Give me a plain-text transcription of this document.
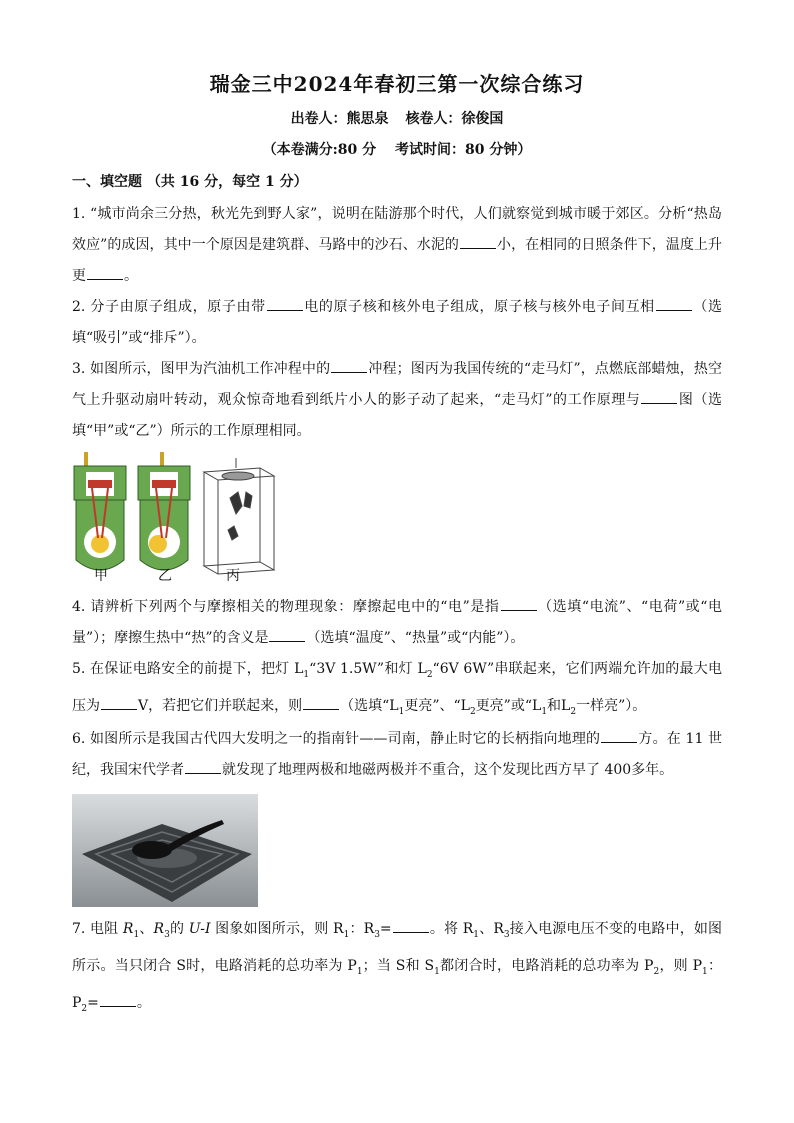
瑞金三中2024年春初三第一次综合练习
出卷人：熊思泉 核卷人：徐俊国
（本卷满分:80 分　 考试时间：80 分钟）
一、填空题 （共 16 分，每空 1 分）
1. “城市尚余三分热，秋光先到野人家”，说明在陆游那个时代，人们就察觉到城市暖于郊区。分析“热岛效应”的成因，其中一个原因是建筑群、马路中的沙石、水泥的	小，在相同的日照条件下，温度上升更	。
2. 分子由原子组成，原子由带	电的原子核和核外电子组成，原子核与核外电子间互相	（选填“吸引”或“排斥”）。
3. 如图所示，图甲为汽油机工作冲程中的	冲程；图丙为我国传统的“走马灯”，点燃底部蜡烛，热空气上升驱动扇叶转动，观众惊奇地看到纸片小人的影子动了起来，“走马灯”的工作原理与	图（选填“甲”或“乙”）所示的工作原理相同。
甲	乙	丙
4. 请辨析下列两个与摩擦相关的物理现象：摩擦起电中的“电”是指	（选填“电流”、“电荷”或“电量”）；摩擦生热中“热”的含义是	（选填“温度”、“热量”或“内能”）。
5. 在保证电路安全的前提下，把灯 $L_1“3V$ 1.5W”和灯 $L_2“6V$ 6W”串联起来，它们两端允许加的最大电压为	V，若把它们并联起来，则	（选填“$L_1$更亮”、“$L_2$更亮”或“$L_1$和$L_2$一样亮”）。
6. 如图所示是我国古代四大发明之一的指南针——司南，静止时它的长柄指向地理的	方。在 11 世纪，我国宋代学者	就发现了地理两极和地磁两极并不重合，这个发现比西方早了 400多年。
7. 电阻 $R_1$、$R_3$的 U-I 图象如图所示，则 $R_1$：$R_3=$	。将 $R_1$、$R_3$接入电源电压不变的电路中，如图所示。当只闭合 S时，电路消耗的总功率为 $P_1$；当 S和 $S_1$都闭合时，电路消耗的总功率为 $P_2$，则 $P_1$：$P_2=$	。
